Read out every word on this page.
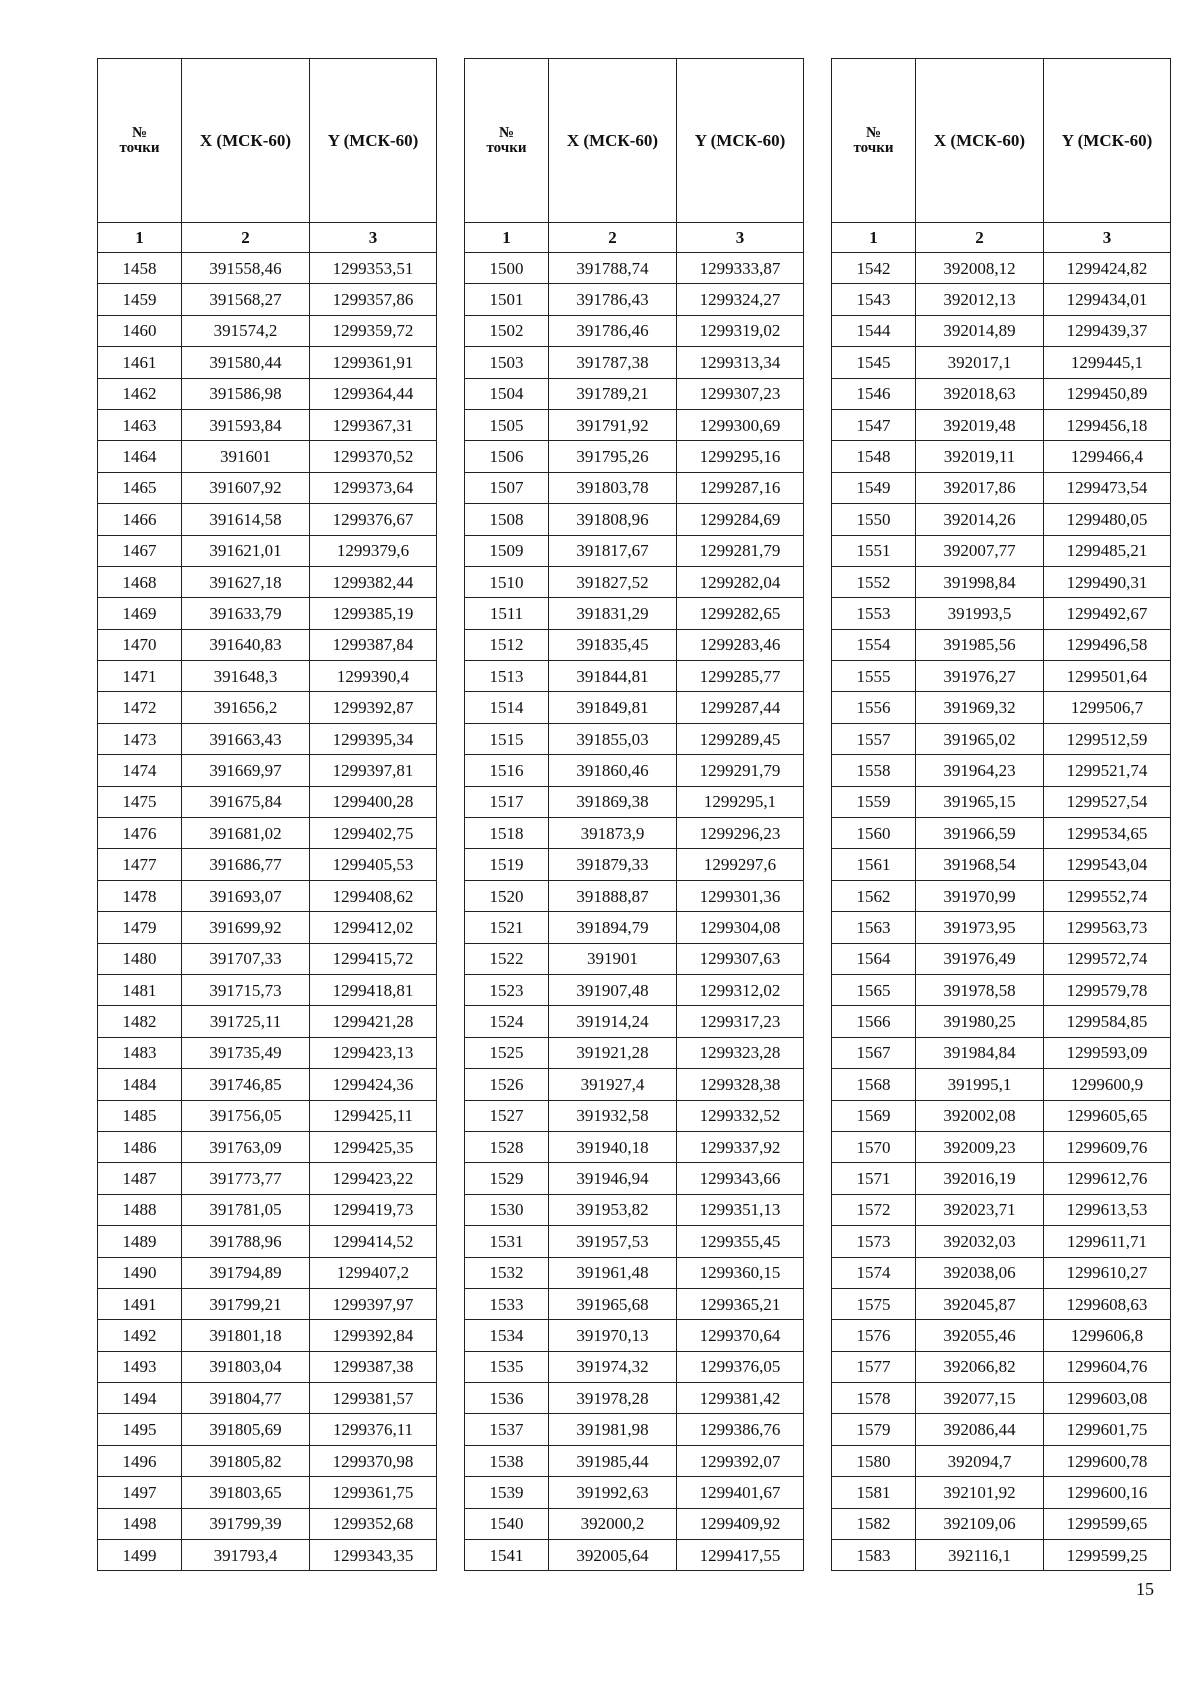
№
точки	X (МСК-60)	Y (МСК-60)
1	2	3
1458	391558,46	1299353,51
1459	391568,27	1299357,86
1460	391574,2	1299359,72
1461	391580,44	1299361,91
1462	391586,98	1299364,44
1463	391593,84	1299367,31
1464	391601	1299370,52
1465	391607,92	1299373,64
1466	391614,58	1299376,67
1467	391621,01	1299379,6
1468	391627,18	1299382,44
1469	391633,79	1299385,19
1470	391640,83	1299387,84
1471	391648,3	1299390,4
1472	391656,2	1299392,87
1473	391663,43	1299395,34
1474	391669,97	1299397,81
1475	391675,84	1299400,28
1476	391681,02	1299402,75
1477	391686,77	1299405,53
1478	391693,07	1299408,62
1479	391699,92	1299412,02
1480	391707,33	1299415,72
1481	391715,73	1299418,81
1482	391725,11	1299421,28
1483	391735,49	1299423,13
1484	391746,85	1299424,36
1485	391756,05	1299425,11
1486	391763,09	1299425,35
1487	391773,77	1299423,22
1488	391781,05	1299419,73
1489	391788,96	1299414,52
1490	391794,89	1299407,2
1491	391799,21	1299397,97
1492	391801,18	1299392,84
1493	391803,04	1299387,38
1494	391804,77	1299381,57
1495	391805,69	1299376,11
1496	391805,82	1299370,98
1497	391803,65	1299361,75
1498	391799,39	1299352,68
1499	391793,4	1299343,35
№
точки	X (МСК-60)	Y (МСК-60)
1	2	3
1500	391788,74	1299333,87
1501	391786,43	1299324,27
1502	391786,46	1299319,02
1503	391787,38	1299313,34
1504	391789,21	1299307,23
1505	391791,92	1299300,69
1506	391795,26	1299295,16
1507	391803,78	1299287,16
1508	391808,96	1299284,69
1509	391817,67	1299281,79
1510	391827,52	1299282,04
1511	391831,29	1299282,65
1512	391835,45	1299283,46
1513	391844,81	1299285,77
1514	391849,81	1299287,44
1515	391855,03	1299289,45
1516	391860,46	1299291,79
1517	391869,38	1299295,1
1518	391873,9	1299296,23
1519	391879,33	1299297,6
1520	391888,87	1299301,36
1521	391894,79	1299304,08
1522	391901	1299307,63
1523	391907,48	1299312,02
1524	391914,24	1299317,23
1525	391921,28	1299323,28
1526	391927,4	1299328,38
1527	391932,58	1299332,52
1528	391940,18	1299337,92
1529	391946,94	1299343,66
1530	391953,82	1299351,13
1531	391957,53	1299355,45
1532	391961,48	1299360,15
1533	391965,68	1299365,21
1534	391970,13	1299370,64
1535	391974,32	1299376,05
1536	391978,28	1299381,42
1537	391981,98	1299386,76
1538	391985,44	1299392,07
1539	391992,63	1299401,67
1540	392000,2	1299409,92
1541	392005,64	1299417,55
№
точки	X (МСК-60)	Y (МСК-60)
1	2	3
1542	392008,12	1299424,82
1543	392012,13	1299434,01
1544	392014,89	1299439,37
1545	392017,1	1299445,1
1546	392018,63	1299450,89
1547	392019,48	1299456,18
1548	392019,11	1299466,4
1549	392017,86	1299473,54
1550	392014,26	1299480,05
1551	392007,77	1299485,21
1552	391998,84	1299490,31
1553	391993,5	1299492,67
1554	391985,56	1299496,58
1555	391976,27	1299501,64
1556	391969,32	1299506,7
1557	391965,02	1299512,59
1558	391964,23	1299521,74
1559	391965,15	1299527,54
1560	391966,59	1299534,65
1561	391968,54	1299543,04
1562	391970,99	1299552,74
1563	391973,95	1299563,73
1564	391976,49	1299572,74
1565	391978,58	1299579,78
1566	391980,25	1299584,85
1567	391984,84	1299593,09
1568	391995,1	1299600,9
1569	392002,08	1299605,65
1570	392009,23	1299609,76
1571	392016,19	1299612,76
1572	392023,71	1299613,53
1573	392032,03	1299611,71
1574	392038,06	1299610,27
1575	392045,87	1299608,63
1576	392055,46	1299606,8
1577	392066,82	1299604,76
1578	392077,15	1299603,08
1579	392086,44	1299601,75
1580	392094,7	1299600,78
1581	392101,92	1299600,16
1582	392109,06	1299599,65
1583	392116,1	1299599,25
15
